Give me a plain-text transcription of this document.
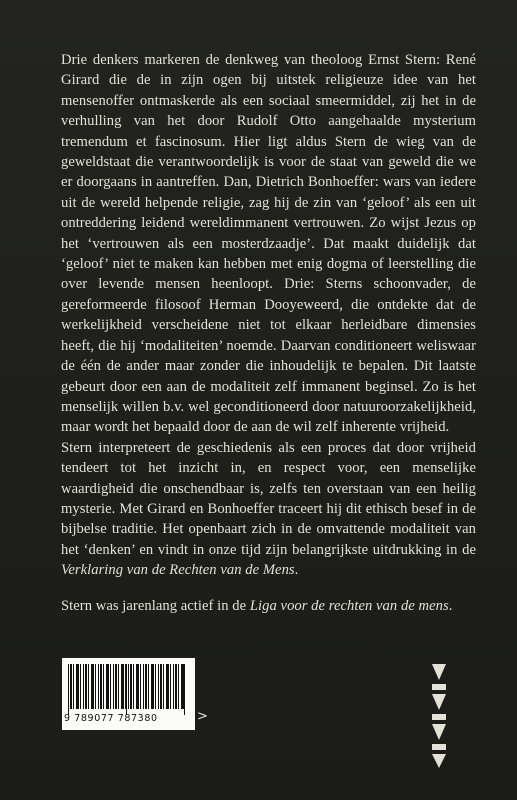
Drie denkers markeren de denkweg van theoloog Ernst Stern: René Girard die de in zijn ogen bij uitstek religieuze idee van het mensenoffer ontmaskerde als een sociaal smeermiddel, zij het in de verhulling van het door Rudolf Otto aangehaalde mysterium tremendum et fascinosum. Hier ligt aldus Stern de wieg van de geweldstaat die verantwoordelijk is voor de staat van geweld die we er doorgaans in aantreffen. Dan, Dietrich Bonhoeffer: wars van iedere uit de wereld helpende religie, zag hij de zin van ‘geloof’ als een uit ontreddering leidend wereldimmanent vertrouwen. Zo wijst Jezus op het ‘vertrouwen als een mosterdzaadje’. Dat maakt duidelijk dat ‘geloof’ niet te maken kan hebben met enig dogma of leerstelling die over levende mensen heenloopt. Drie: Sterns schoonvader, de gereformeerde filosoof Herman Dooyeweerd, die ontdekte dat de werkelijkheid verscheidene niet tot elkaar herleidbare dimensies heeft, die hij ‘modaliteiten’ noemde. Daarvan conditioneert weliswaar de één de ander maar zonder die inhoudelijk te bepalen. Dit laatste gebeurt door een aan de modaliteit zelf immanent beginsel. Zo is het menselijk willen b.v. wel geconditioneerd door natuuroorzakelijkheid, maar wordt het bepaald door de aan de wil zelf inherente vrijheid.

Stern interpreteert de geschiedenis als een proces dat door vrijheid tendeert tot het inzicht in, en respect voor, een menselijke waardigheid die onschendbaar is, zelfs ten overstaan van een heilig mysterie. Met Girard en Bonhoeffer traceert hij dit ethisch besef in de bijbelse traditie. Het openbaart zich in de omvattende modaliteit van het ‘denken’ en vindt in onze tijd zijn belangrijkste uitdrukking in de Verklaring van de Rechten van de Mens.

Stern was jarenlang actief in de Liga voor de rechten van de mens.

9 789077 787380	>
